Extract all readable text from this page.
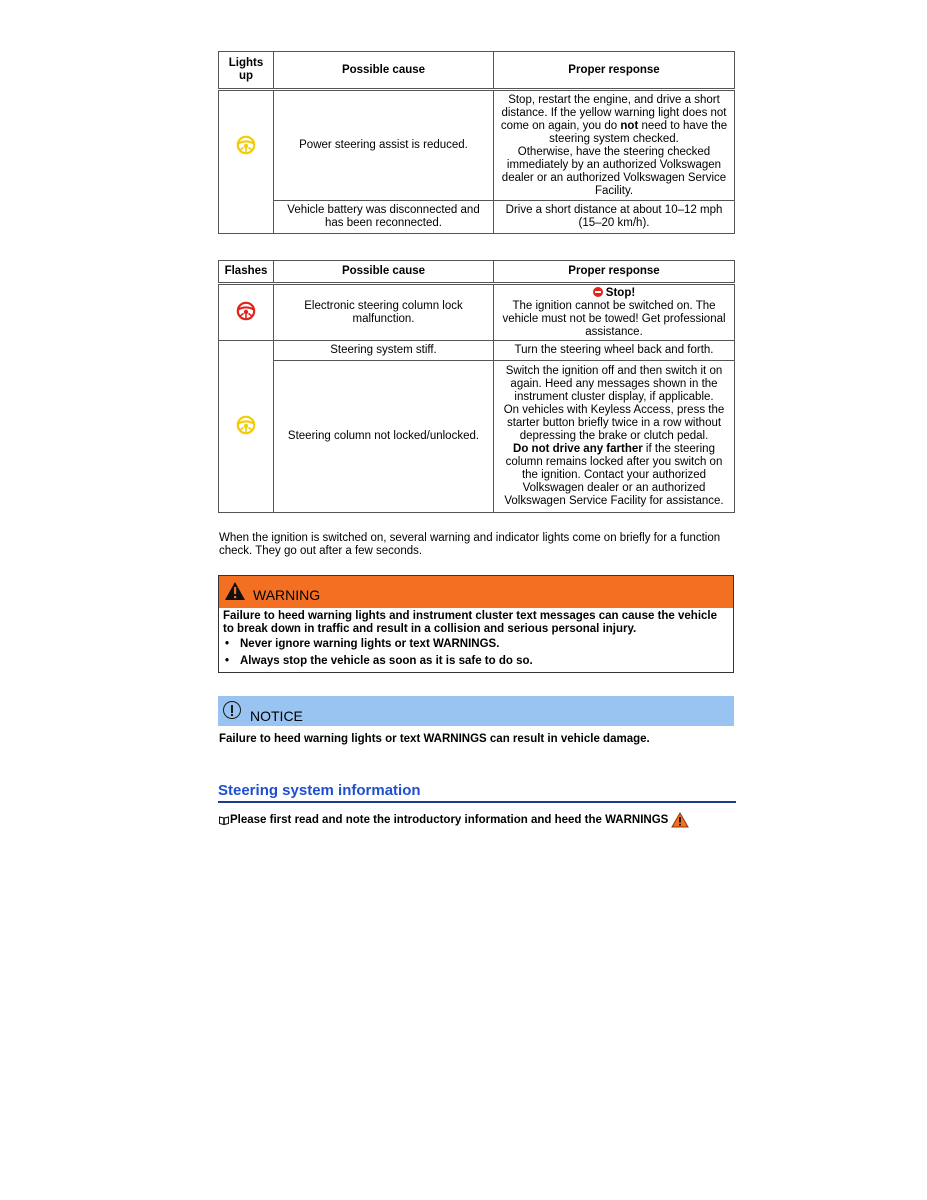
Lights up	Possible cause	Proper response
	Power steering assist is reduced.	Stop, restart the engine, and drive a short distance. If the yellow warning light does not come on again, you do not need to have the steering system checked.
Otherwise, have the steering checked immediately by an authorized Volkswagen dealer or an authorized Volkswagen Service Facility.
	Vehicle battery was disconnected and has been reconnected.	Drive a short distance at about 10–12 mph (15–20 km/h).
Flashes	Possible cause	Proper response
	Electronic steering column lock malfunction.	Stop!
The ignition cannot be switched on. The vehicle must not be towed! Get professional assistance.
	Steering system stiff.	Turn the steering wheel back and forth.
	Steering column not locked/unlocked.	Switch the ignition off and then switch it on again. Heed any messages shown in the instrument cluster display, if applicable.
On vehicles with Keyless Access, press the starter button briefly twice in a row without depressing the brake or clutch pedal.
Do not drive any farther if the steering column remains locked after you switch on the ignition. Contact your authorized Volkswagen dealer or an authorized Volkswagen Service Facility for assistance.
When the ignition is switched on, several warning and indicator lights come on briefly for a function check. They go out after a few seconds.
WARNING
Failure to heed warning lights and instrument cluster text messages can cause the vehicle to break down in traffic and result in a collision and serious personal injury.
• Never ignore warning lights or text WARNINGS.
• Always stop the vehicle as soon as it is safe to do so.
NOTICE
Failure to heed warning lights or text WARNINGS can result in vehicle damage.
Steering system information
Please first read and note the introductory information and heed the WARNINGS
